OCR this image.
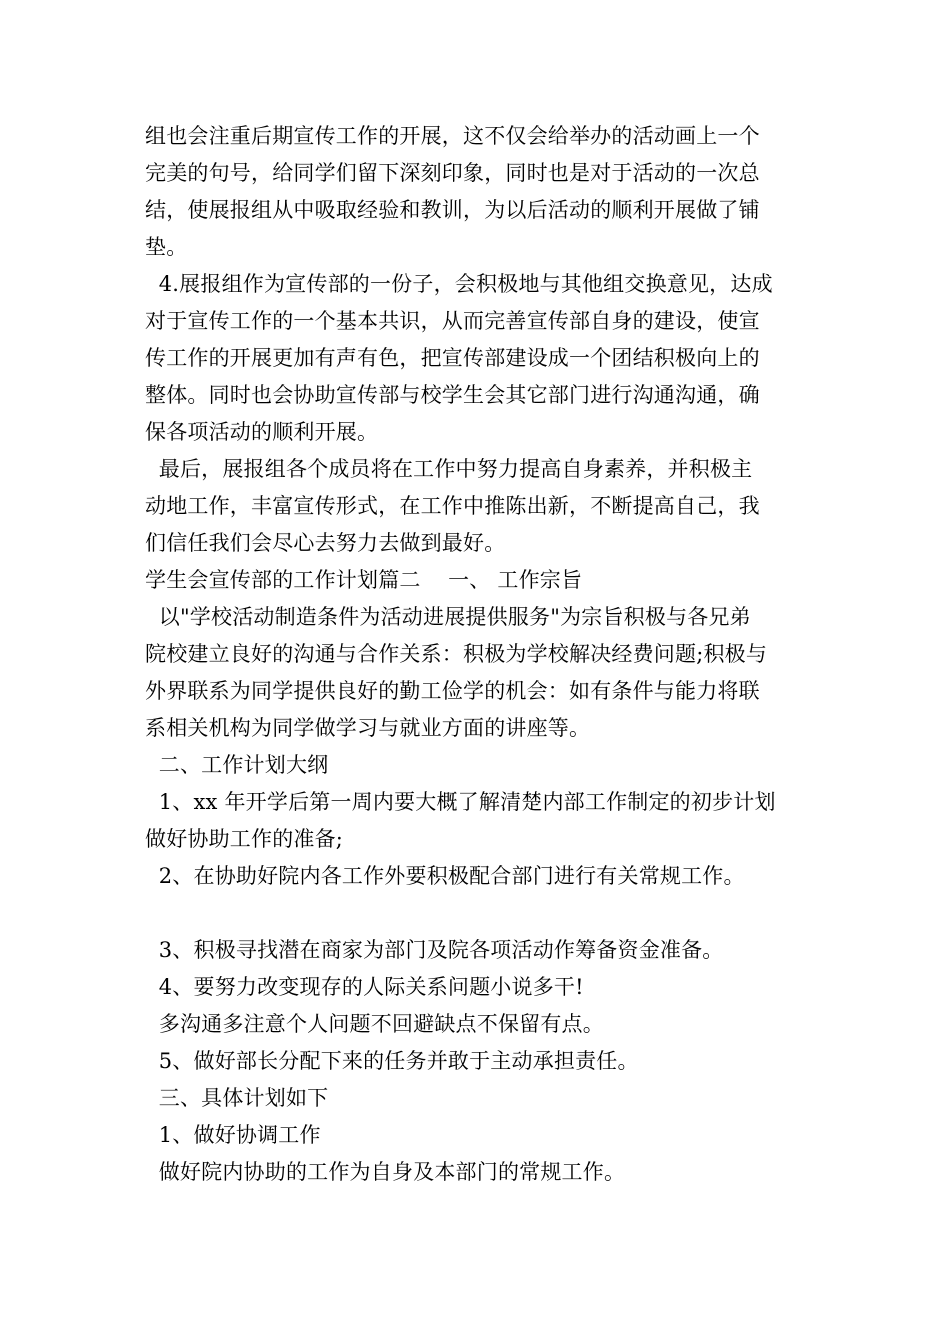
组也会注重后期宣传工作的开展，这不仅会给举办的活动画上一个
完美的句号，给同学们留下深刻印象，同时也是对于活动的一次总
结，使展报组从中吸取经验和教训，为以后活动的顺利开展做了铺
垫。
4.展报组作为宣传部的一份子，会积极地与其他组交换意见，达成
对于宣传工作的一个基本共识，从而完善宣传部自身的建设，使宣
传工作的开展更加有声有色，把宣传部建设成一个团结积极向上的
整体。同时也会协助宣传部与校学生会其它部门进行沟通沟通，确
保各项活动的顺利开展。
最后，展报组各个成员将在工作中努力提高自身素养，并积极主
动地工作，丰富宣传形式，在工作中推陈出新，不断提高自己，我
们信任我们会尽心去努力去做到最好。
学生会宣传部的工作计划篇二    一、 工作宗旨
以"学校活动制造条件为活动进展提供服务"为宗旨积极与各兄弟
院校建立良好的沟通与合作关系：积极为学校解决经费问题;积极与
外界联系为同学提供良好的勤工俭学的机会：如有条件与能力将联
系相关机构为同学做学习与就业方面的讲座等。
二、工作计划大纲
1、xx 年开学后第一周内要大概了解清楚内部工作制定的初步计划
做好协助工作的准备;
2、在协助好院内各工作外要积极配合部门进行有关常规工作。
3、积极寻找潜在商家为部门及院各项活动作筹备资金准备。
4、要努力改变现存的人际关系问题小说多干!
多沟通多注意个人问题不回避缺点不保留有点。
5、做好部长分配下来的任务并敢于主动承担责任。
三、具体计划如下
1、做好协调工作
做好院内协助的工作为自身及本部门的常规工作。
